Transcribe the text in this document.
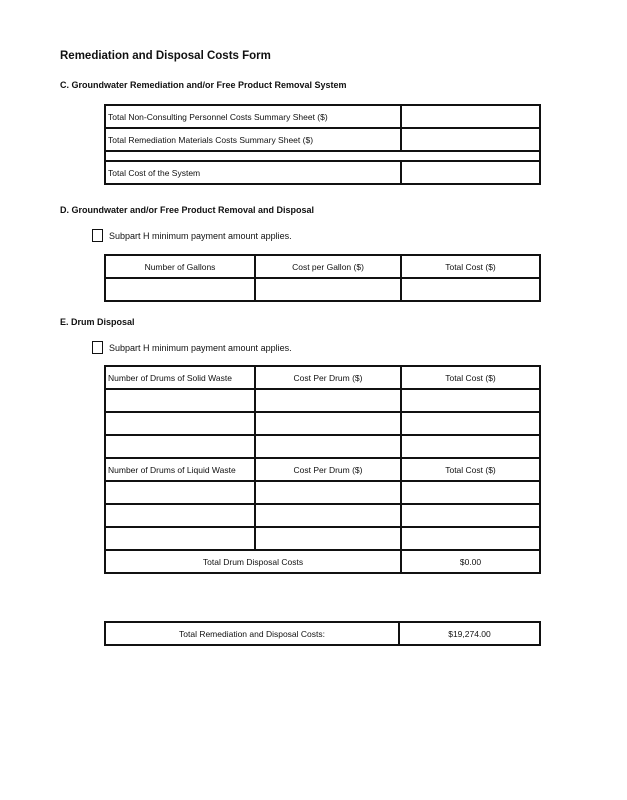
Remediation and Disposal Costs Form

C. Groundwater Remediation and/or Free Product Removal System

Total Non-Consulting Personnel Costs Summary Sheet ($)	
Total Remediation Materials Costs Summary Sheet ($)	

Total Cost of the System	

D. Groundwater and/or Free Product Removal and Disposal

Subpart H minimum payment amount applies.
Number of Gallons	Cost per Gallon ($)	Total Cost ($)

E. Drum Disposal

Subpart H minimum payment amount applies.
Number of Drums of Solid Waste	Cost Per Drum ($)	Total Cost ($)

Number of Drums of Liquid Waste	Cost Per Drum ($)	Total Cost ($)

Total Drum Disposal Costs		$0.00
Total Remediation and Disposal Costs:	$19,274.00
